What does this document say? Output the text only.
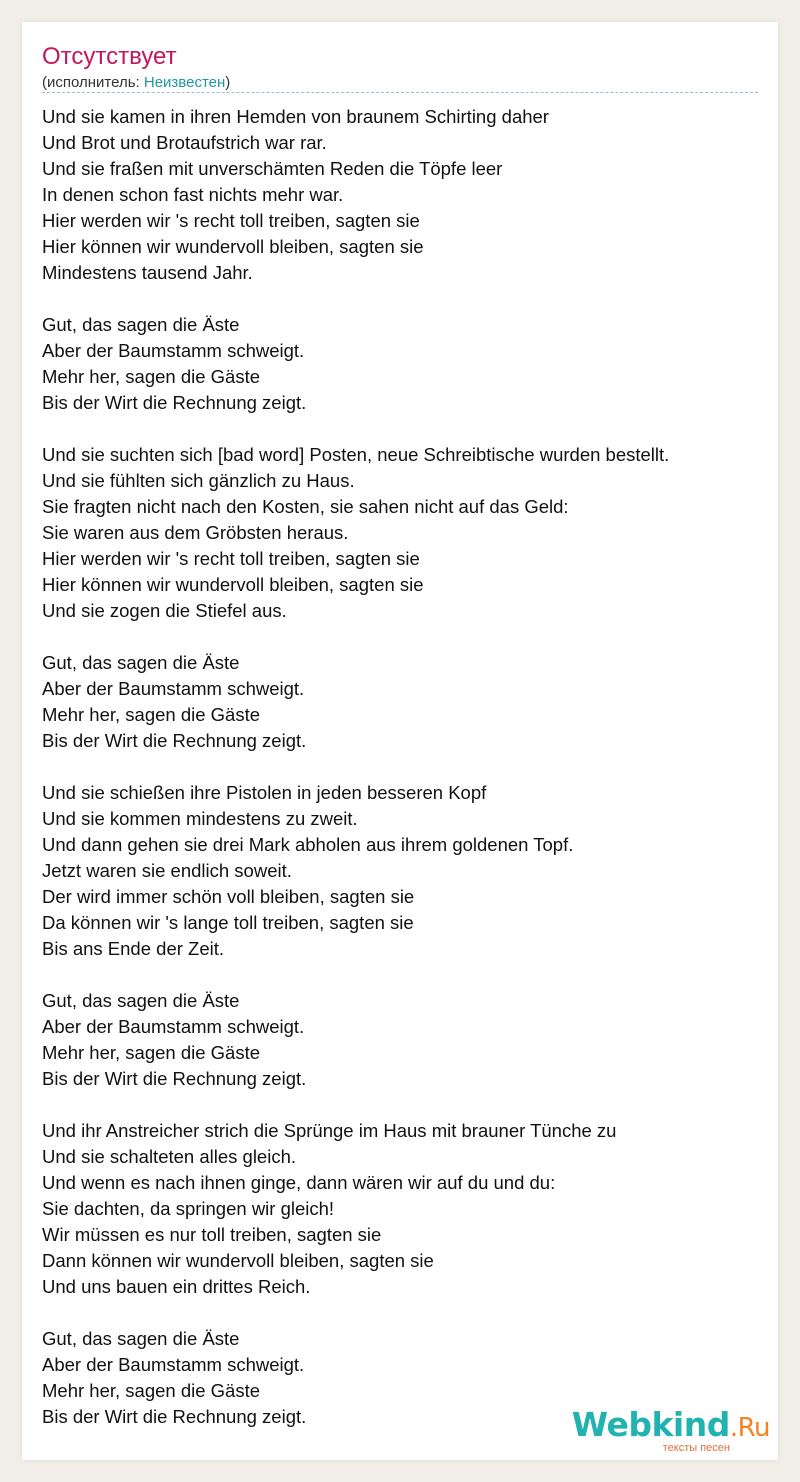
Отсутствует
(исполнитель: Неизвестен)
Und sie kamen in ihren Hemden von braunem Schirting daher
Und Brot und Brotaufstrich war rar.
Und sie fraßen mit unverschämten Reden die Töpfe leer
In denen schon fast nichts mehr war.
Hier werden wir 's recht toll treiben, sagten sie
Hier können wir wundervoll bleiben, sagten sie
Mindestens tausend Jahr.
Gut, das sagen die Äste
Aber der Baumstamm schweigt.
Mehr her, sagen die Gäste
Bis der Wirt die Rechnung zeigt.
Und sie suchten sich [bad word] Posten, neue Schreibtische wurden bestellt.
Und sie fühlten sich gänzlich zu Haus.
Sie fragten nicht nach den Kosten, sie sahen nicht auf das Geld:
Sie waren aus dem Gröbsten heraus.
Hier werden wir 's recht toll treiben, sagten sie
Hier können wir wundervoll bleiben, sagten sie
Und sie zogen die Stiefel aus.
Gut, das sagen die Äste
Aber der Baumstamm schweigt.
Mehr her, sagen die Gäste
Bis der Wirt die Rechnung zeigt.
Und sie schießen ihre Pistolen in jeden besseren Kopf
Und sie kommen mindestens zu zweit.
Und dann gehen sie drei Mark abholen aus ihrem goldenen Topf.
Jetzt waren sie endlich soweit.
Der wird immer schön voll bleiben, sagten sie
Da können wir 's lange toll treiben, sagten sie
Bis ans Ende der Zeit.
Gut, das sagen die Äste
Aber der Baumstamm schweigt.
Mehr her, sagen die Gäste
Bis der Wirt die Rechnung zeigt.
Und ihr Anstreicher strich die Sprünge im Haus mit brauner Tünche zu
Und sie schalteten alles gleich.
Und wenn es nach ihnen ginge, dann wären wir auf du und du:
Sie dachten, da springen wir gleich!
Wir müssen es nur toll treiben, sagten sie
Dann können wir wundervoll bleiben, sagten sie
Und uns bauen ein drittes Reich.
Gut, das sagen die Äste
Aber der Baumstamm schweigt.
Mehr her, sagen die Gäste
Bis der Wirt die Rechnung zeigt.	Webkind.Ru
тексты песен
